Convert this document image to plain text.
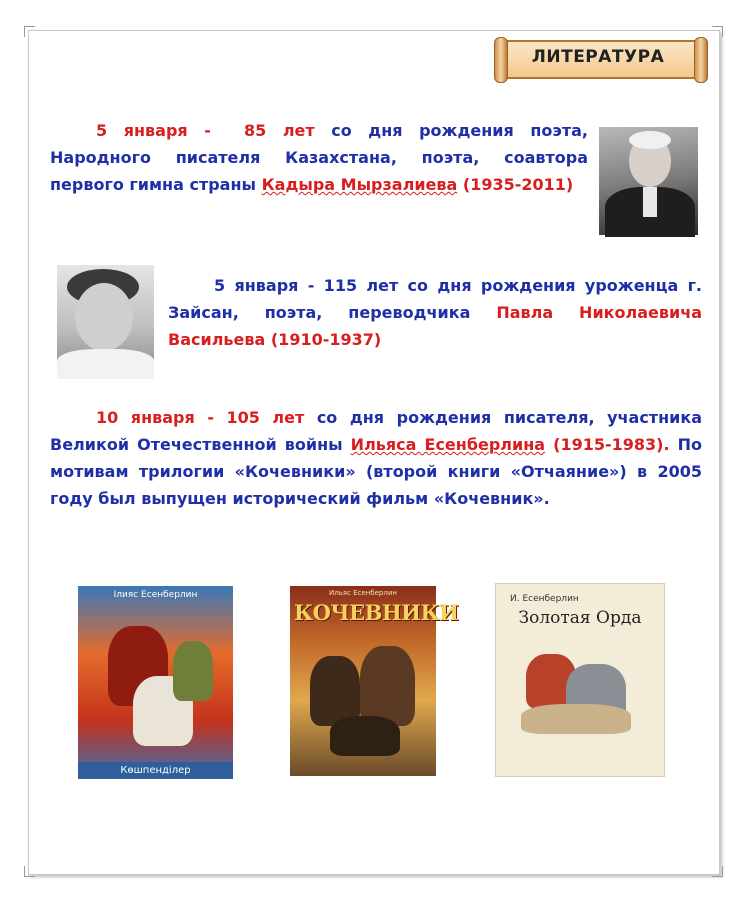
ЛИТЕРАТУРА
5 января - 85 лет со дня рождения поэта, Народного писателя Казахстана, поэта, соавтора первого гимна страны Кадыра Мырзалиева (1935-2011)
5 января - 115 лет со дня рождения уроженца г. Зайсан, поэта, переводчика Павла Николаевича Васильева (1910-1937)
10 января - 105 лет со дня рождения писателя, участника Великой Отечественной войны Ильяса Есенберлина (1915-1983). По мотивам трилогии «Кочевники» (второй книги «Отчаяние») в 2005 году был выпущен исторический фильм «Кочевник».
Ілияс Есенберлин
Көшпенділер
Ильяс Есенберлин
КОЧЕВНИКИ
И. Есенберлин
Золотая Орда
